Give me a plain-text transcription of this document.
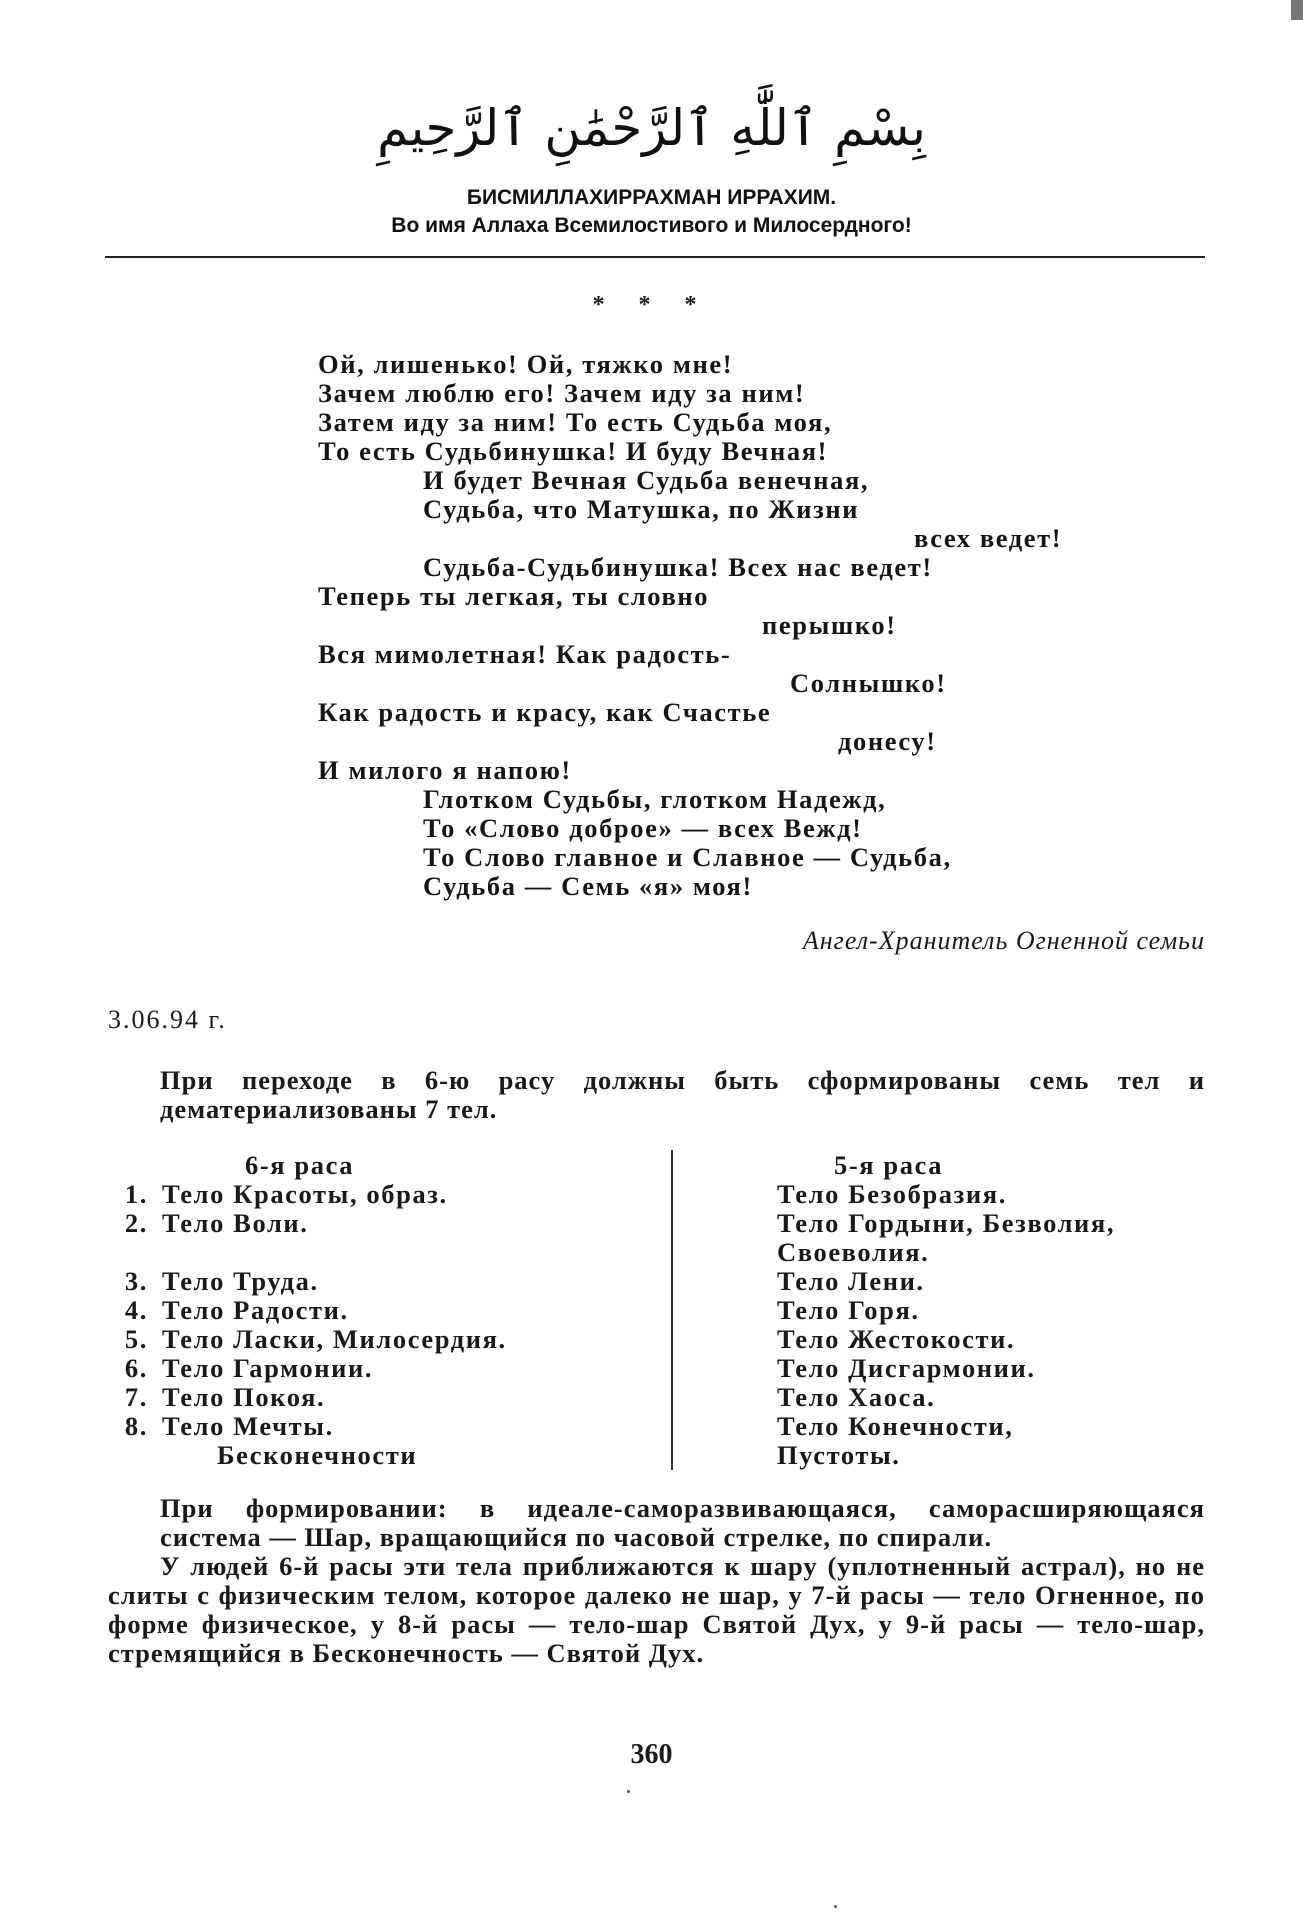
بِسْمِ ٱللَّٰهِ ٱلرَّحْمَٰنِ ٱلرَّحِيمِ
БИСМИЛЛАХИРРАХМАН ИРРАХИМ.
Во имя Аллаха Всемилостивого и Милосердного!
* * *
Ой, лишенько! Ой, тяжко мне!
Зачем люблю его! Зачем иду за ним!
Затем иду за ним! То есть Судьба моя,
То есть Судьбинушка! И буду Вечная!
И будет Вечная Судьба венечная,
Судьба, что Матушка, по Жизни
всех ведет!
Судьба-Судьбинушка! Всех нас ведет!
Теперь ты легкая, ты словно
перышко!
Вся мимолетная! Как радость-
Солнышко!
Как радость и красу, как Счастье
донесу!
И милого я напою!
Глотком Судьбы, глотком Надежд,
То «Слово доброе» — всех Вежд!
То Слово главное и Славное — Судьба,
Судьба — Семь «я» моя!
Ангел-Хранитель Огненной семьи
3.06.94 г.

При переходе в 6-ю расу должны быть сформированы семь тел и дематериализованы 7 тел.

6-я раса	5-я раса
1. Тело Красоты, образ.
2. Тело Воли.
3. Тело Труда.
4. Тело Радости.
5. Тело Ласки, Милосердия.
6. Тело Гармонии.
7. Тело Покоя.
8. Тело Мечты.
Бесконечности
Тело Безобразия.
Тело Гордыни, Безволия,
Своеволия.
Тело Лени.
Тело Горя.
Тело Жестокости.
Тело Дисгармонии.
Тело Хаоса.
Тело Конечности,
Пустоты.

При формировании: в идеале-саморазвивающаяся, саморасширяющаяся система — Шар, вращающийся по часовой стрелке, по спирали.

У людей 6-й расы эти тела приближаются к шару (уплотненный астрал), но не слиты с физическим телом, которое далеко не шар, у 7-й расы — тело Огненное, по форме физическое, у 8-й расы — тело-шар Святой Дух, у 9-й расы — тело-шар, стремящийся в Бесконечность — Святой Дух.

360
